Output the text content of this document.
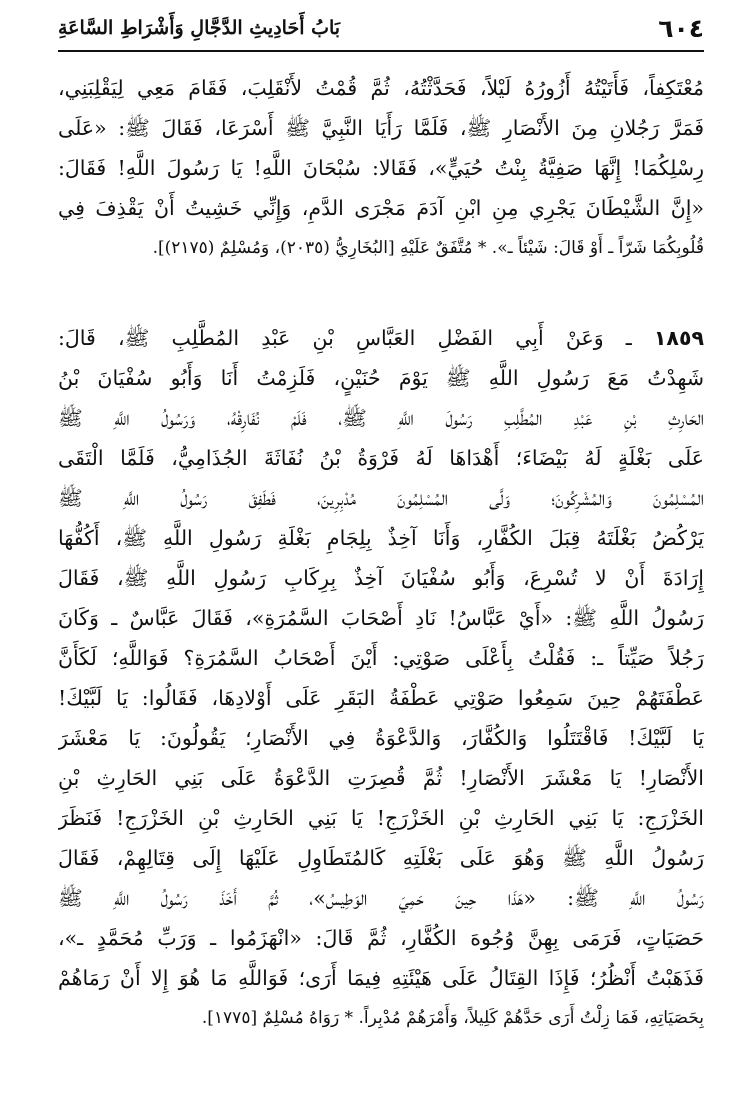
٦٠٤
بَابُ أَحَادِيثِ الدَّجَّالِ وَأَشْرَاطِ السَّاعَةِ
مُعْتَكِفاً، فَأَتَيْتُهُ أَزُورُهُ لَيْلاً، فَحَدَّثْتُهُ، ثُمَّ قُمْتُ لأَنْقَلِبَ، فَقَامَ مَعِي لِيَقْلِبَنِي،
فَمَرَّ رَجُلانِ مِنَ الأَنْصَارِ ﷺ، فَلَمَّا رَأَيَا النَّبِيَّ ﷺ أَسْرَعَا، فَقَالَ ﷺ: «عَلَى
رِسْلِكُمَا! إِنَّهَا صَفِيَّةُ بِنْتُ حُيَيٍّ»، فَقَالا: سُبْحَانَ اللَّهِ! يَا رَسُولَ اللَّهِ! فَقَالَ:
«إِنَّ الشَّيْطَانَ يَجْرِي مِنِ ابْنِ آدَمَ مَجْرَى الدَّمِ، وَإِنِّي خَشِيتُ أَنْ يَقْذِفَ فِي
قُلُوبِكُمَا شَرّاً ـ أَوْ قَالَ: شَيْئاً ـ». * مُتَّفَقٌ عَلَيْهِ [البُخَارِيُّ (٢٠٣٥)، وَمُسْلِمٌ (٢١٧٥)].
١٨٥٩ ـ وَعَنْ أَبِي الفَضْلِ العَبَّاسِ بْنِ عَبْدِ المُطَّلِبِ ﷺ، قَالَ:
شَهِدْتُ مَعَ رَسُولِ اللَّهِ ﷺ يَوْمَ حُنَيْنٍ، فَلَزِمْتُ أَنَا وَأَبُو سُفْيَانَ بْنُ
الحَارِثِ بْنِ عَبْدِ المُطَّلِبِ رَسُولَ اللَّهِ ﷺ، فَلَمْ نُفَارِقْهُ، وَرَسُولُ اللَّهِ ﷺ
عَلَى بَغْلَةٍ لَهُ بَيْضَاءَ؛ أَهْدَاهَا لَهُ فَرْوَةُ بْنُ نُفَاثَةَ الجُذَامِيُّ، فَلَمَّا الْتَقَى
المُسْلِمُونَ وَالمُشْرِكُونَ؛ وَلَّى المُسْلِمُونَ مُدْبِرِينَ، فَطَفِقَ رَسُولُ اللَّهِ ﷺ
يَرْكُضُ بَغْلَتَهُ قِبَلَ الكُفَّارِ، وَأَنَا آخِذٌ بِلِجَامِ بَغْلَةِ رَسُولِ اللَّهِ ﷺ، أَكُفُّهَا
إِرَادَةَ أَنْ لا تُسْرِعَ، وَأَبُو سُفْيَانَ آخِذٌ بِرِكَابِ رَسُولِ اللَّهِ ﷺ، فَقَالَ
رَسُولُ اللَّهِ ﷺ: «أَيْ عَبَّاسُ! نَادِ أَصْحَابَ السَّمُرَةِ»، فَقَالَ عَبَّاسٌ ـ وَكَانَ
رَجُلاً صَيِّتاً ـ: فَقُلْتُ بِأَعْلَى صَوْتِي: أَيْنَ أَصْحَابُ السَّمُرَةِ؟ فَوَاللَّهِ؛ لَكَأَنَّ
عَطْفَتَهُمْ حِينَ سَمِعُوا صَوْتِي عَطْفَةُ البَقَرِ عَلَى أَوْلادِهَا، فَقَالُوا: يَا لَبَّيْكَ!
يَا لَبَّيْكَ! فَاقْتَتَلُوا وَالكُفَّارَ، وَالدَّعْوَةُ فِي الأَنْصَارِ؛ يَقُولُونَ: يَا مَعْشَرَ
الأَنْصَارِ! يَا مَعْشَرَ الأَنْصَارِ! ثُمَّ قُصِرَتِ الدَّعْوَةُ عَلَى بَنِي الحَارِثِ بْنِ
الخَزْرَجِ: يَا بَنِي الحَارِثِ بْنِ الخَزْرَجِ! يَا بَنِي الحَارِثِ بْنِ الخَزْرَجِ! فَنَظَرَ
رَسُولُ اللَّهِ ﷺ وَهُوَ عَلَى بَغْلَتِهِ كَالمُتَطَاوِلِ عَلَيْهَا إِلَى قِتَالِهِمْ، فَقَالَ
رَسُولُ اللَّهِ ﷺ: «هَذَا حِينَ حَمِيَ الوَطِيسُ»، ثُمَّ أَخَذَ رَسُولُ اللَّهِ ﷺ
حَصَيَاتٍ، فَرَمَى بِهِنَّ وُجُوهَ الكُفَّارِ، ثُمَّ قَالَ: «انْهَزَمُوا ـ وَرَبِّ مُحَمَّدٍ ـ»،
فَذَهَبْتُ أَنْظُرُ؛ فَإِذَا القِتَالُ عَلَى هَيْئَتِهِ فِيمَا أَرَى؛ فَوَاللَّهِ مَا هُوَ إِلا أَنْ رَمَاهُمْ
بِحَصَيَاتِهِ، فَمَا زِلْتُ أَرَى حَدَّهُمْ كَلِيلاً، وَأَمْرَهُمْ مُدْبِراً. * رَوَاهُ مُسْلِمٌ [١٧٧٥].
